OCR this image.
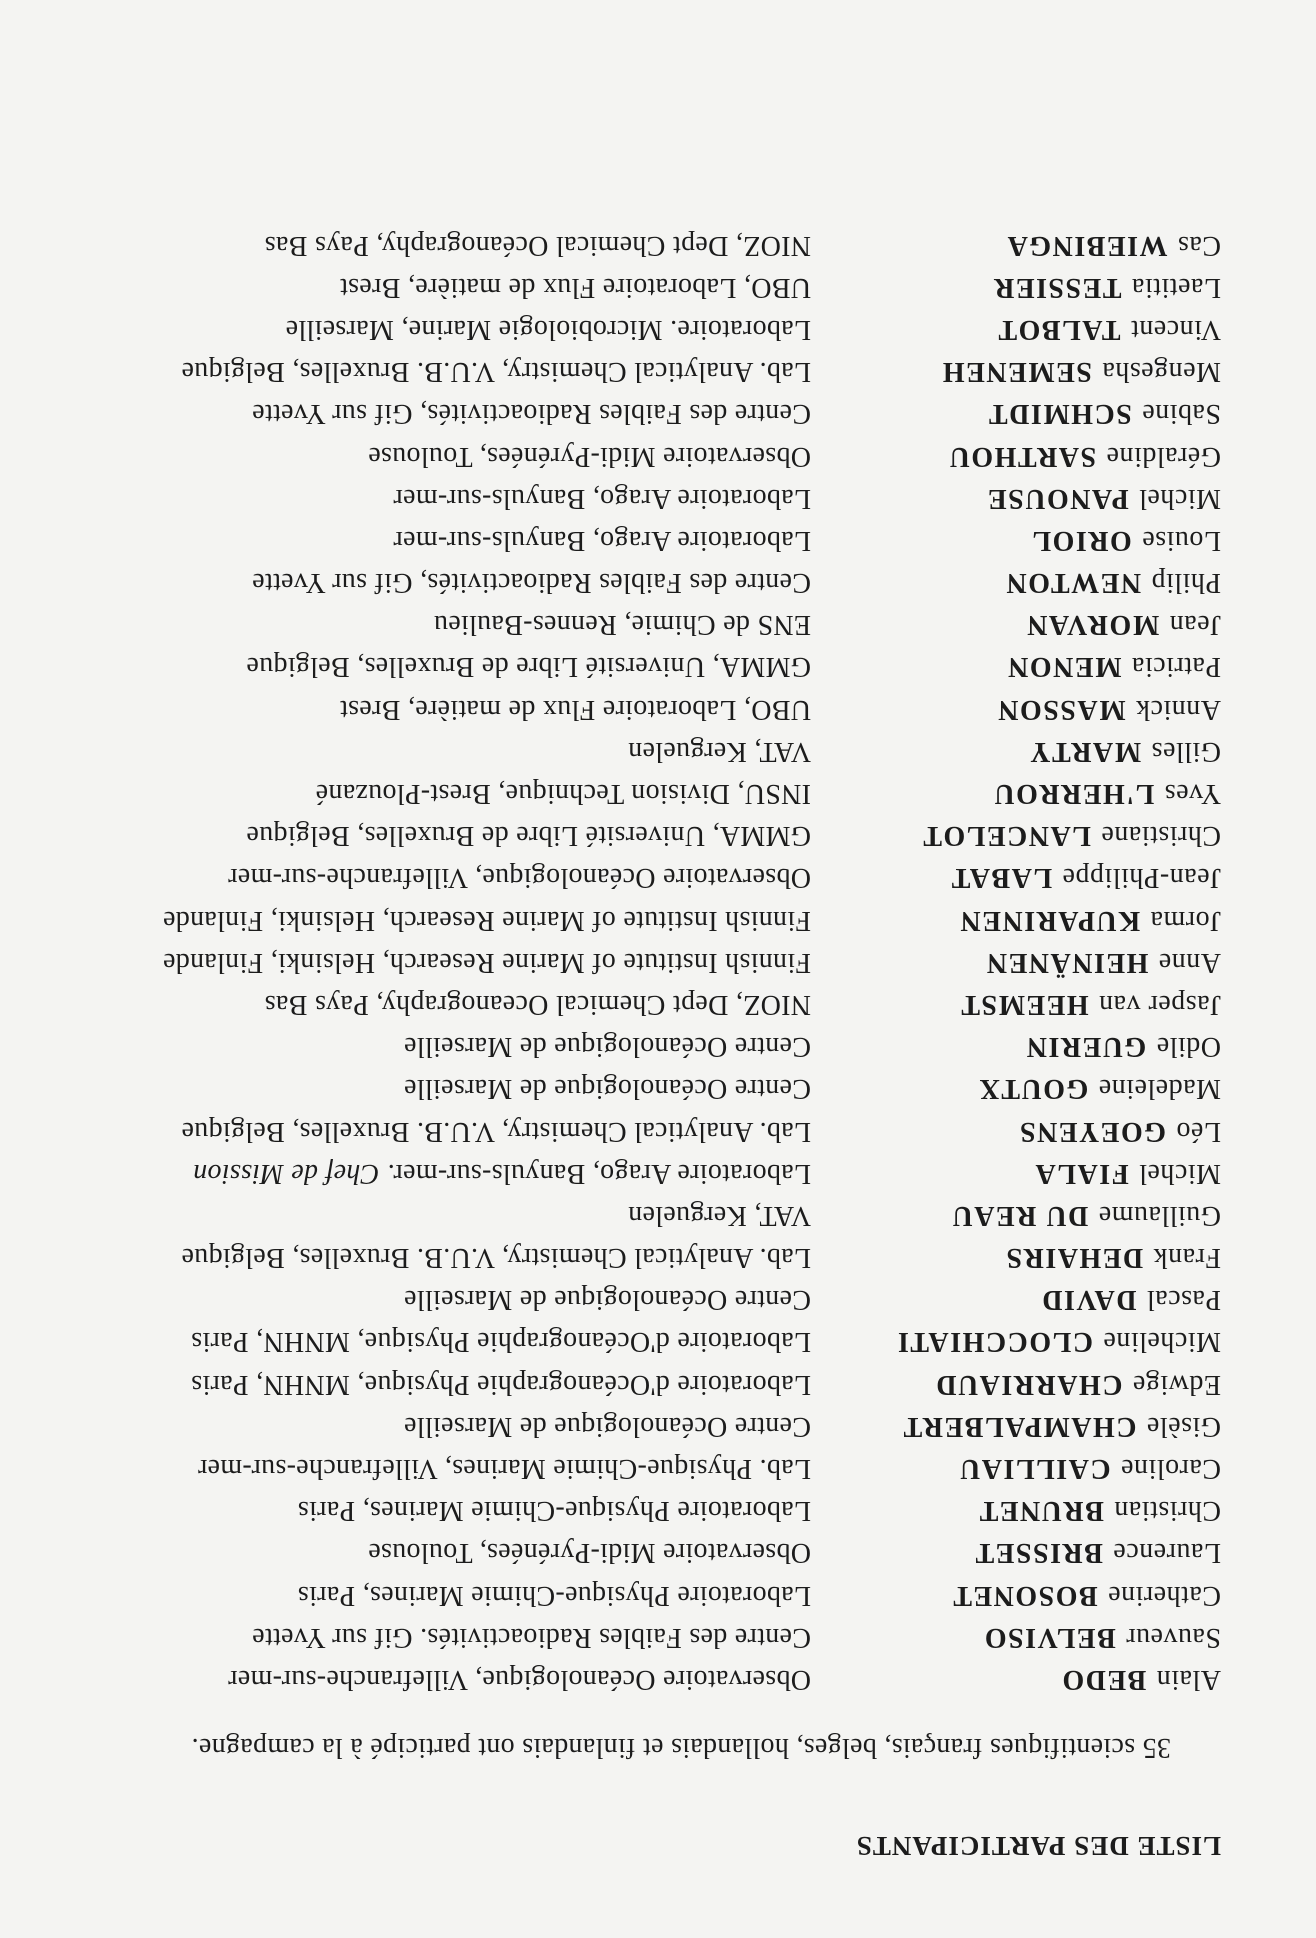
LISTE DES PARTICIPANTS

35 scientifiques français, belges, hollandais et finlandais ont participé à la campagne.

AlainBEDO
Observatoire Océanologique, Villefranche-sur-mer
SauveurBELVISO
Centre des Faibles Radioactivités. Gif sur Yvette
CatherineBOSONET
Laboratoire Physique-Chimie Marines, Paris
LaurenceBRISSET
Observatoire Midi-Pyrénées, Toulouse
ChristianBRUNET
Laboratoire Physique-Chimie Marines, Paris
CarolineCAILLIAU
Lab. Physique-Chimie Marines, Villefranche-sur-mer
GisèleCHAMPALBERT
Centre Océanologique de Marseille
EdwigeCHARRIAUD
Laboratoire d'Océanographie Physique, MNHN, Paris
MichelineCLOCCHIATI
Laboratoire d'Océanographie Physique, MNHN, Paris
PascalDAVID
Centre Océanologique de Marseille
FrankDEHAIRS
Lab. Analytical Chemistry, V.U.B. Bruxelles, Belgique
GuillaumeDU REAU
VAT, Kerguelen
MichelFIALA
Laboratoire Arago, Banyuls-sur-mer.Chef de Mission
LéoGOEYENS
Lab. Analytical Chemistry, V.U.B. Bruxelles, Belgique
MadeleineGOUTX
Centre Océanologique de Marseille
OdileGUERIN
Centre Océanologique de Marseille
Jasper vanHEEMST
NIOZ, Dept Chemical Oceanography, Pays Bas
AnneHEINÄNEN
Finnish Institute of Marine Research, Helsinki, Finlande
JormaKUPARINEN
Finnish Institute of Marine Research, Helsinki, Finlande
Jean-PhilippeLABAT
Observatoire Océanologique, Villefranche-sur-mer
ChristianeLANCELOT
GMMA, Université Libre de Bruxelles, Belgique
YvesL'HERROU
INSU, Division Technique, Brest-Plouzané
GillesMARTY
VAT, Kerguelen
AnnickMASSON
UBO, Laboratoire Flux de matière, Brest
PatriciaMENON
GMMA, Université Libre de Bruxelles, Belgique
JeanMORVAN
ENS de Chimie, Rennes-Baulieu
PhilipNEWTON
Centre des Faibles Radioactivités, Gif sur Yvette
LouiseORIOL
Laboratoire Arago, Banyuls-sur-mer
MichelPANOUSE
Laboratoire Arago, Banyuls-sur-mer
GéraldineSARTHOU
Observatoire Midi-Pyrénées, Toulouse
SabineSCHMIDT
Centre des Faibles Radioactivités, Gif sur Yvette
MengeshaSEMENEH
Lab. Analytical Chemistry, V.U.B. Bruxelles, Belgique
VincentTALBOT
Laboratoire. Microbiologie Marine, Marseille
LaetitiaTESSIER
UBO, Laboratoire Flux de matière, Brest
CasWIEBINGA
NIOZ, Dept Chemical Océanography, Pays Bas
